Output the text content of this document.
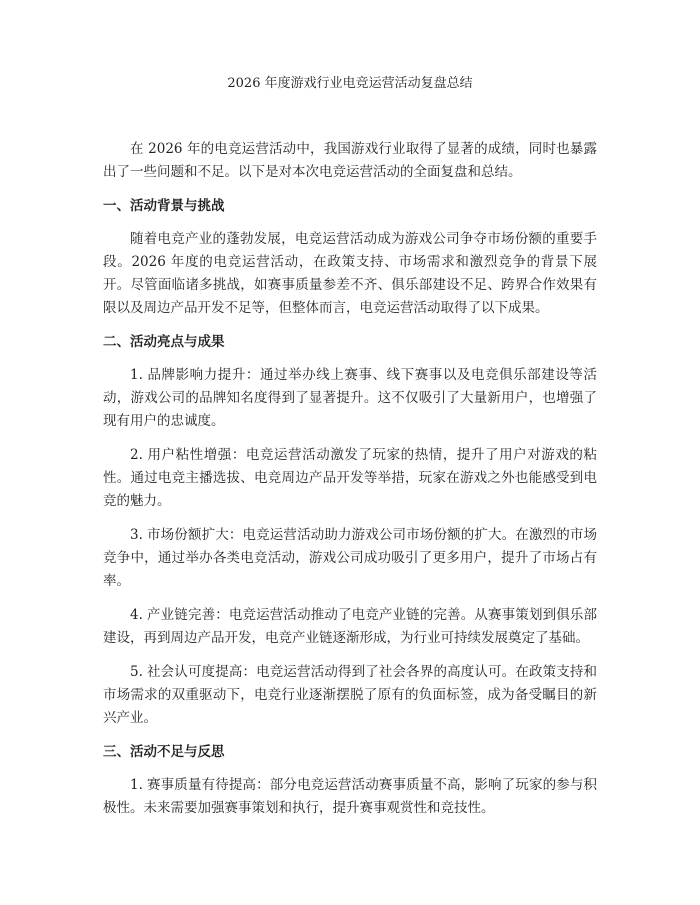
2026 年度游戏行业电竞运营活动复盘总结

在 2026 年的电竞运营活动中，我国游戏行业取得了显著的成绩，同时也暴露出了一些问题和不足。以下是对本次电竞运营活动的全面复盘和总结。

一、活动背景与挑战

随着电竞产业的蓬勃发展，电竞运营活动成为游戏公司争夺市场份额的重要手段。2026 年度的电竞运营活动，在政策支持、市场需求和激烈竞争的背景下展开。尽管面临诸多挑战，如赛事质量参差不齐、俱乐部建设不足、跨界合作效果有限以及周边产品开发不足等，但整体而言，电竞运营活动取得了以下成果。

二、活动亮点与成果

1. 品牌影响力提升：通过举办线上赛事、线下赛事以及电竞俱乐部建设等活动，游戏公司的品牌知名度得到了显著提升。这不仅吸引了大量新用户，也增强了现有用户的忠诚度。

2. 用户粘性增强：电竞运营活动激发了玩家的热情，提升了用户对游戏的粘性。通过电竞主播选拔、电竞周边产品开发等举措，玩家在游戏之外也能感受到电竞的魅力。

3. 市场份额扩大：电竞运营活动助力游戏公司市场份额的扩大。在激烈的市场竞争中，通过举办各类电竞活动，游戏公司成功吸引了更多用户，提升了市场占有率。

4. 产业链完善：电竞运营活动推动了电竞产业链的完善。从赛事策划到俱乐部建设，再到周边产品开发，电竞产业链逐渐形成，为行业可持续发展奠定了基础。

5. 社会认可度提高：电竞运营活动得到了社会各界的高度认可。在政策支持和市场需求的双重驱动下，电竞行业逐渐摆脱了原有的负面标签，成为备受瞩目的新兴产业。

三、活动不足与反思

1. 赛事质量有待提高：部分电竞运营活动赛事质量不高，影响了玩家的参与积极性。未来需要加强赛事策划和执行，提升赛事观赏性和竞技性。
